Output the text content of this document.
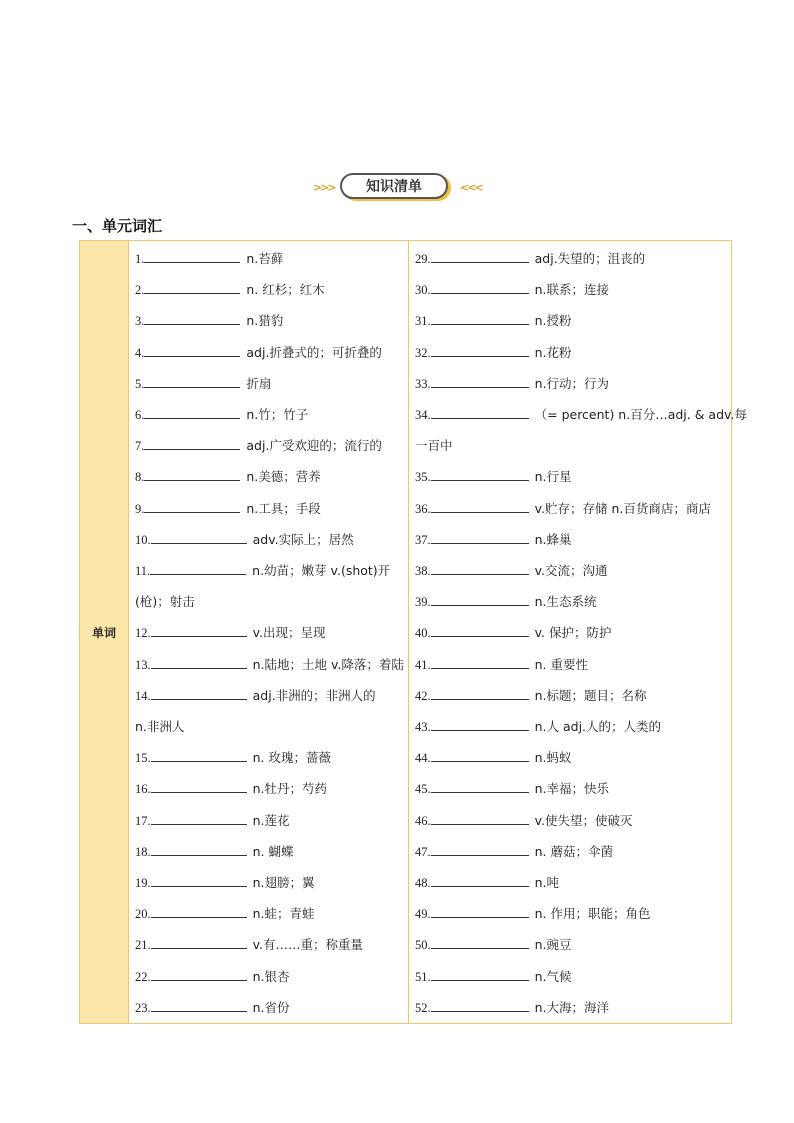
>>>	知识清单	<<<
一、单元词汇
单词
1.	n.苔藓
2.	n. 红杉；红木
3.	n.猎豹
4.	adj.折叠式的；可折叠的
5.	折扇
6.	n.竹；竹子
7.	adj.广受欢迎的；流行的
8.	n.美德；营养
9.	n.工具；手段
10.	adv.实际上；居然
11.	n.幼苗；嫩芽 v.(shot)开
(枪)；射击
12.	v.出现；呈现
13.	n.陆地；土地 v.降落；着陆
14.	adj.非洲的；非洲人的
n.非洲人
15.	n. 玫瑰；蔷薇
16.	n.牡丹；芍药
17.	n.莲花
18.	n. 蝴蝶
19.	n.翅膀；翼
20.	n.蛙；青蛙
21.	v.有……重；称重量
22.	n.银杏
23.	n.省份
29.	adj.失望的；沮丧的
30.	n.联系；连接
31.	n.授粉
32.	n.花粉
33.	n.行动；行为
34.	（= percent) n.百分…adj. & adv.每
一百中
35.	n.行星
36.	v.贮存；存储 n.百货商店；商店
37.	n.蜂巢
38.	v.交流；沟通
39.	n.生态系统
40.	v. 保护；防护
41.	n. 重要性
42.	n.标题；题目；名称
43.	n.人 adj.人的；人类的
44.	n.蚂蚁
45.	n.幸福；快乐
46.	v.使失望；使破灭
47.	n. 蘑菇；伞菌
48.	n.吨
49.	n. 作用；职能；角色
50.	n.豌豆
51.	n.气候
52.	n.大海；海洋
